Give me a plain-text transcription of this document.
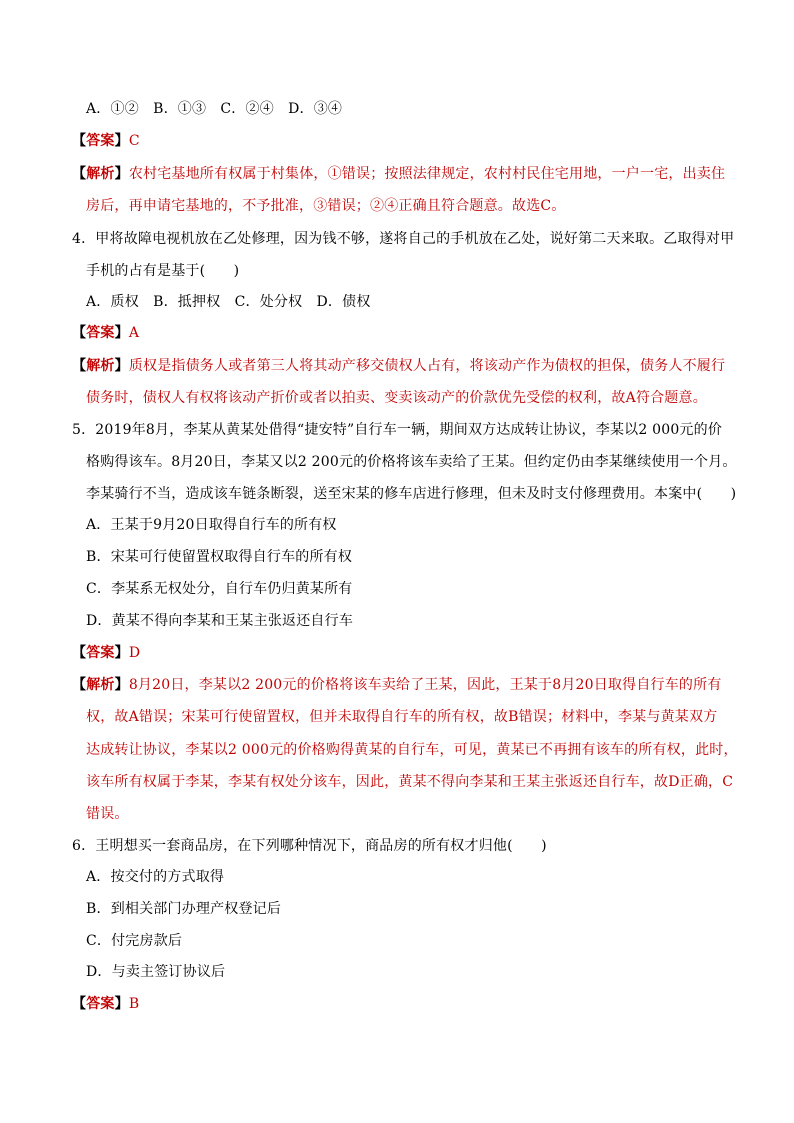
A．①②　B．①③　C．②④　D．③④
【答案】C
【解析】农村宅基地所有权属于村集体，①错误；按照法律规定，农村村民住宅用地，一户一宅，出卖住
房后，再申请宅基地的，不予批准，③错误；②④正确且符合题意。故选C。
4．甲将故障电视机放在乙处修理，因为钱不够，遂将自己的手机放在乙处，说好第二天来取。乙取得对甲
手机的占有是基于(　　)
A．质权　B．抵押权　C．处分权　D．债权
【答案】A
【解析】质权是指债务人或者第三人将其动产移交债权人占有，将该动产作为债权的担保，债务人不履行
债务时，债权人有权将该动产折价或者以拍卖、变卖该动产的价款优先受偿的权利，故A符合题意。
5．2019年8月，李某从黄某处借得“捷安特”自行车一辆，期间双方达成转让协议，李某以2 000元的价
格购得该车。8月20日，李某又以2 200元的价格将该车卖给了王某。但约定仍由李某继续使用一个月。
李某骑行不当，造成该车链条断裂，送至宋某的修车店进行修理，但未及时支付修理费用。本案中(　　)
A．王某于9月20日取得自行车的所有权
B．宋某可行使留置权取得自行车的所有权
C．李某系无权处分，自行车仍归黄某所有
D．黄某不得向李某和王某主张返还自行车
【答案】D
【解析】8月20日，李某以2 200元的价格将该车卖给了王某，因此，王某于8月20日取得自行车的所有
权，故A错误；宋某可行使留置权，但并未取得自行车的所有权，故B错误；材料中，李某与黄某双方
达成转让协议，李某以2 000元的价格购得黄某的自行车，可见，黄某已不再拥有该车的所有权，此时，
该车所有权属于李某，李某有权处分该车，因此，黄某不得向李某和王某主张返还自行车，故D正确，C
错误。
6．王明想买一套商品房，在下列哪种情况下，商品房的所有权才归他(　　)
A．按交付的方式取得
B．到相关部门办理产权登记后
C．付完房款后
D．与卖主签订协议后
【答案】B
